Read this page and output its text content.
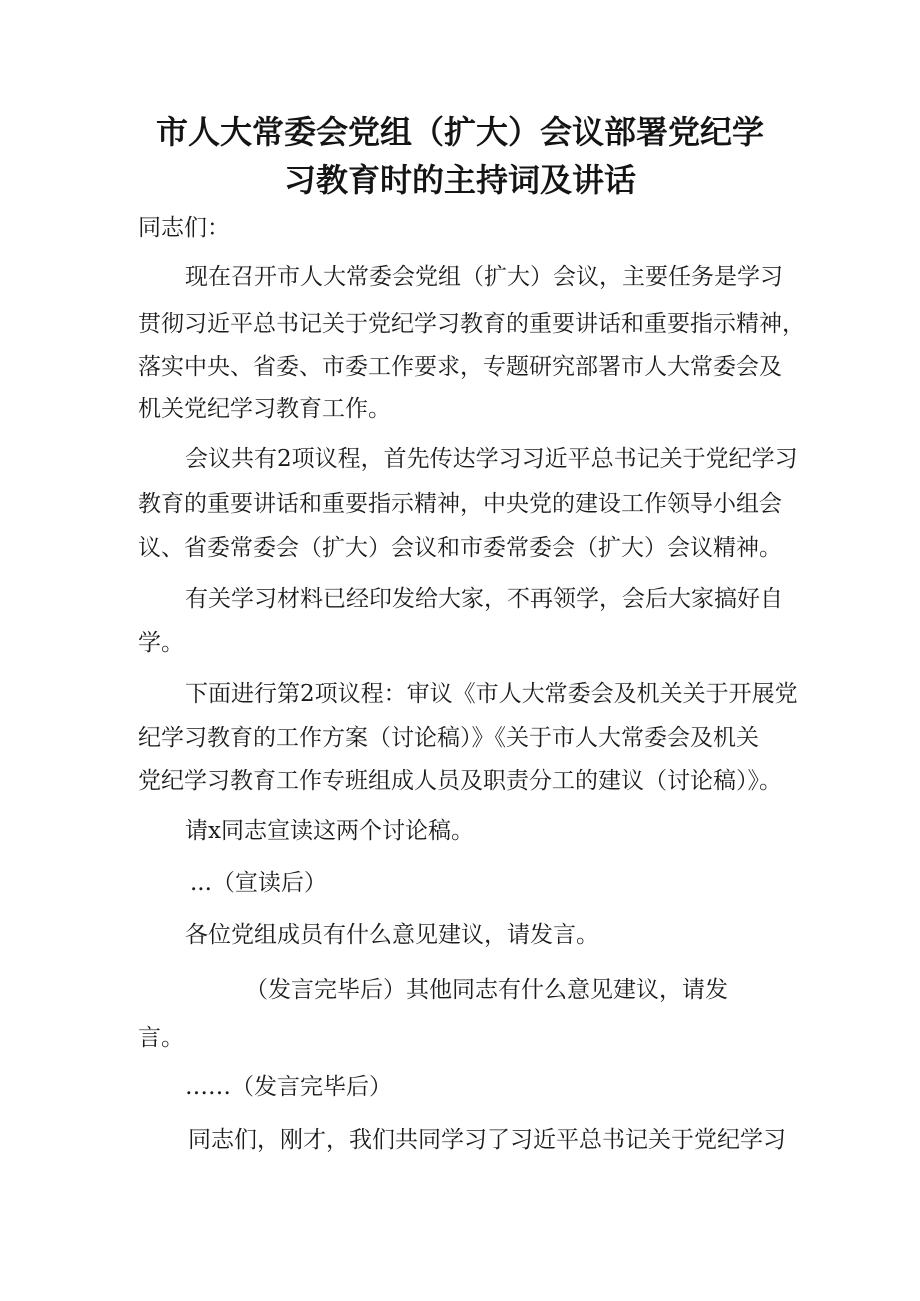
市人大常委会党组（扩大）会议部署党纪学
习教育时的主持词及讲话
同志们：
现在召开市人大常委会党组（扩大）会议，主要任务是学习
贯彻习近平总书记关于党纪学习教育的重要讲话和重要指示精神，
落实中央、省委、市委工作要求，专题研究部署市人大常委会及
机关党纪学习教育工作。
会议共有2项议程，首先传达学习习近平总书记关于党纪学习
教育的重要讲话和重要指示精神，中央党的建设工作领导小组会
议、省委常委会（扩大）会议和市委常委会（扩大）会议精神。
有关学习材料已经印发给大家，不再领学，会后大家搞好自
学。
下面进行第2项议程：审议《市人大常委会及机关关于开展党
纪学习教育的工作方案（讨论稿）》《关于市人大常委会及机关
党纪学习教育工作专班组成人员及职责分工的建议（讨论稿）》。
请x同志宣读这两个讨论稿。
...（宣读后）
各位党组成员有什么意见建议，请发言。
（发言完毕后）其他同志有什么意见建议，请发
言。
……（发言完毕后）
同志们，刚才，我们共同学习了习近平总书记关于党纪学习
